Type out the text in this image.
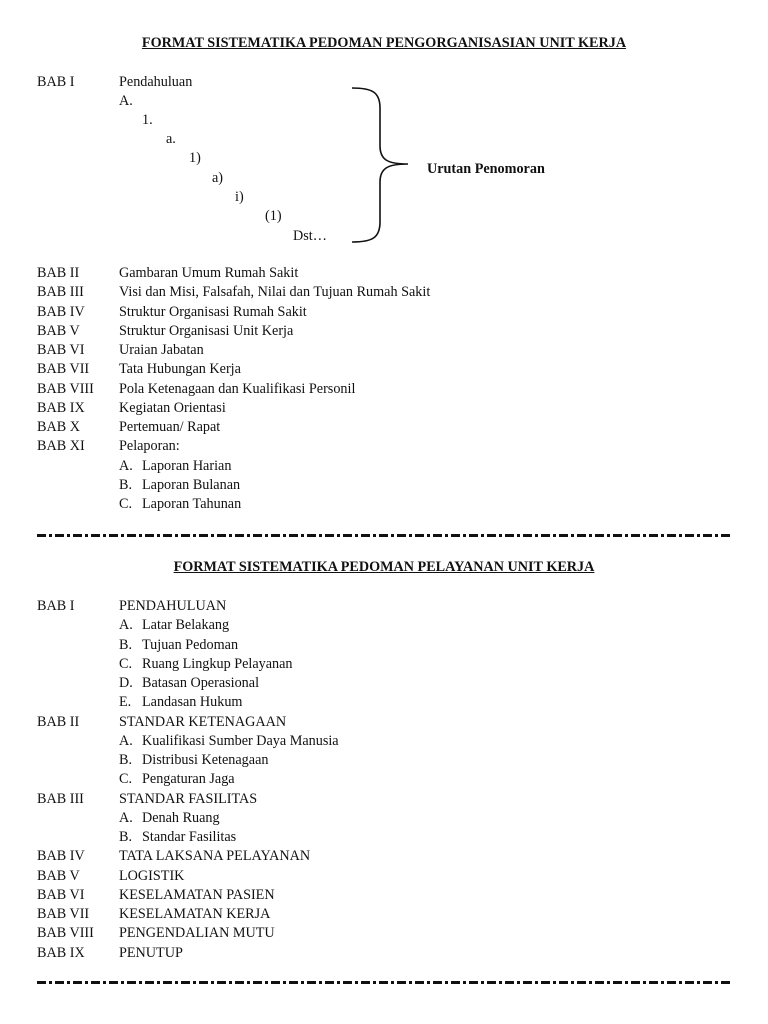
FORMAT SISTEMATIKA PEDOMAN PENGORGANISASIAN UNIT KERJA
BAB I	Pendahuluan
A.
1.
a.
1)
a)
i)
(1)
Dst…
Urutan Penomoran
BAB II	Gambaran Umum Rumah Sakit
BAB III Visi dan Misi, Falsafah, Nilai dan Tujuan Rumah Sakit
BAB IV Struktur Organisasi Rumah Sakit
BAB V	Struktur Organisasi Unit Kerja
BAB VI Uraian Jabatan
BAB VII Tata Hubungan Kerja
BAB VIII Pola Ketenagaan dan Kualifikasi Personil
BAB IX Kegiatan Orientasi
BAB X	Pertemuan/ Rapat
BAB XI Pelaporan:
A. Laporan Harian
B. Laporan Bulanan
C. Laporan Tahunan
FORMAT SISTEMATIKA PEDOMAN PELAYANAN UNIT KERJA
BAB I	PENDAHULUAN
A. Latar Belakang
B. Tujuan Pedoman
C. Ruang Lingkup Pelayanan
D. Batasan Operasional
E. Landasan Hukum
BAB II	STANDAR KETENAGAAN
A. Kualifikasi Sumber Daya Manusia
B. Distribusi Ketenagaan
C. Pengaturan Jaga
BAB III STANDAR FASILITAS
A. Denah Ruang
B. Standar Fasilitas
BAB IV TATA LAKSANA PELAYANAN
BAB V	LOGISTIK
BAB VI KESELAMATAN PASIEN
BAB VII KESELAMATAN KERJA
BAB VIII PENGENDALIAN MUTU
BAB IX PENUTUP
